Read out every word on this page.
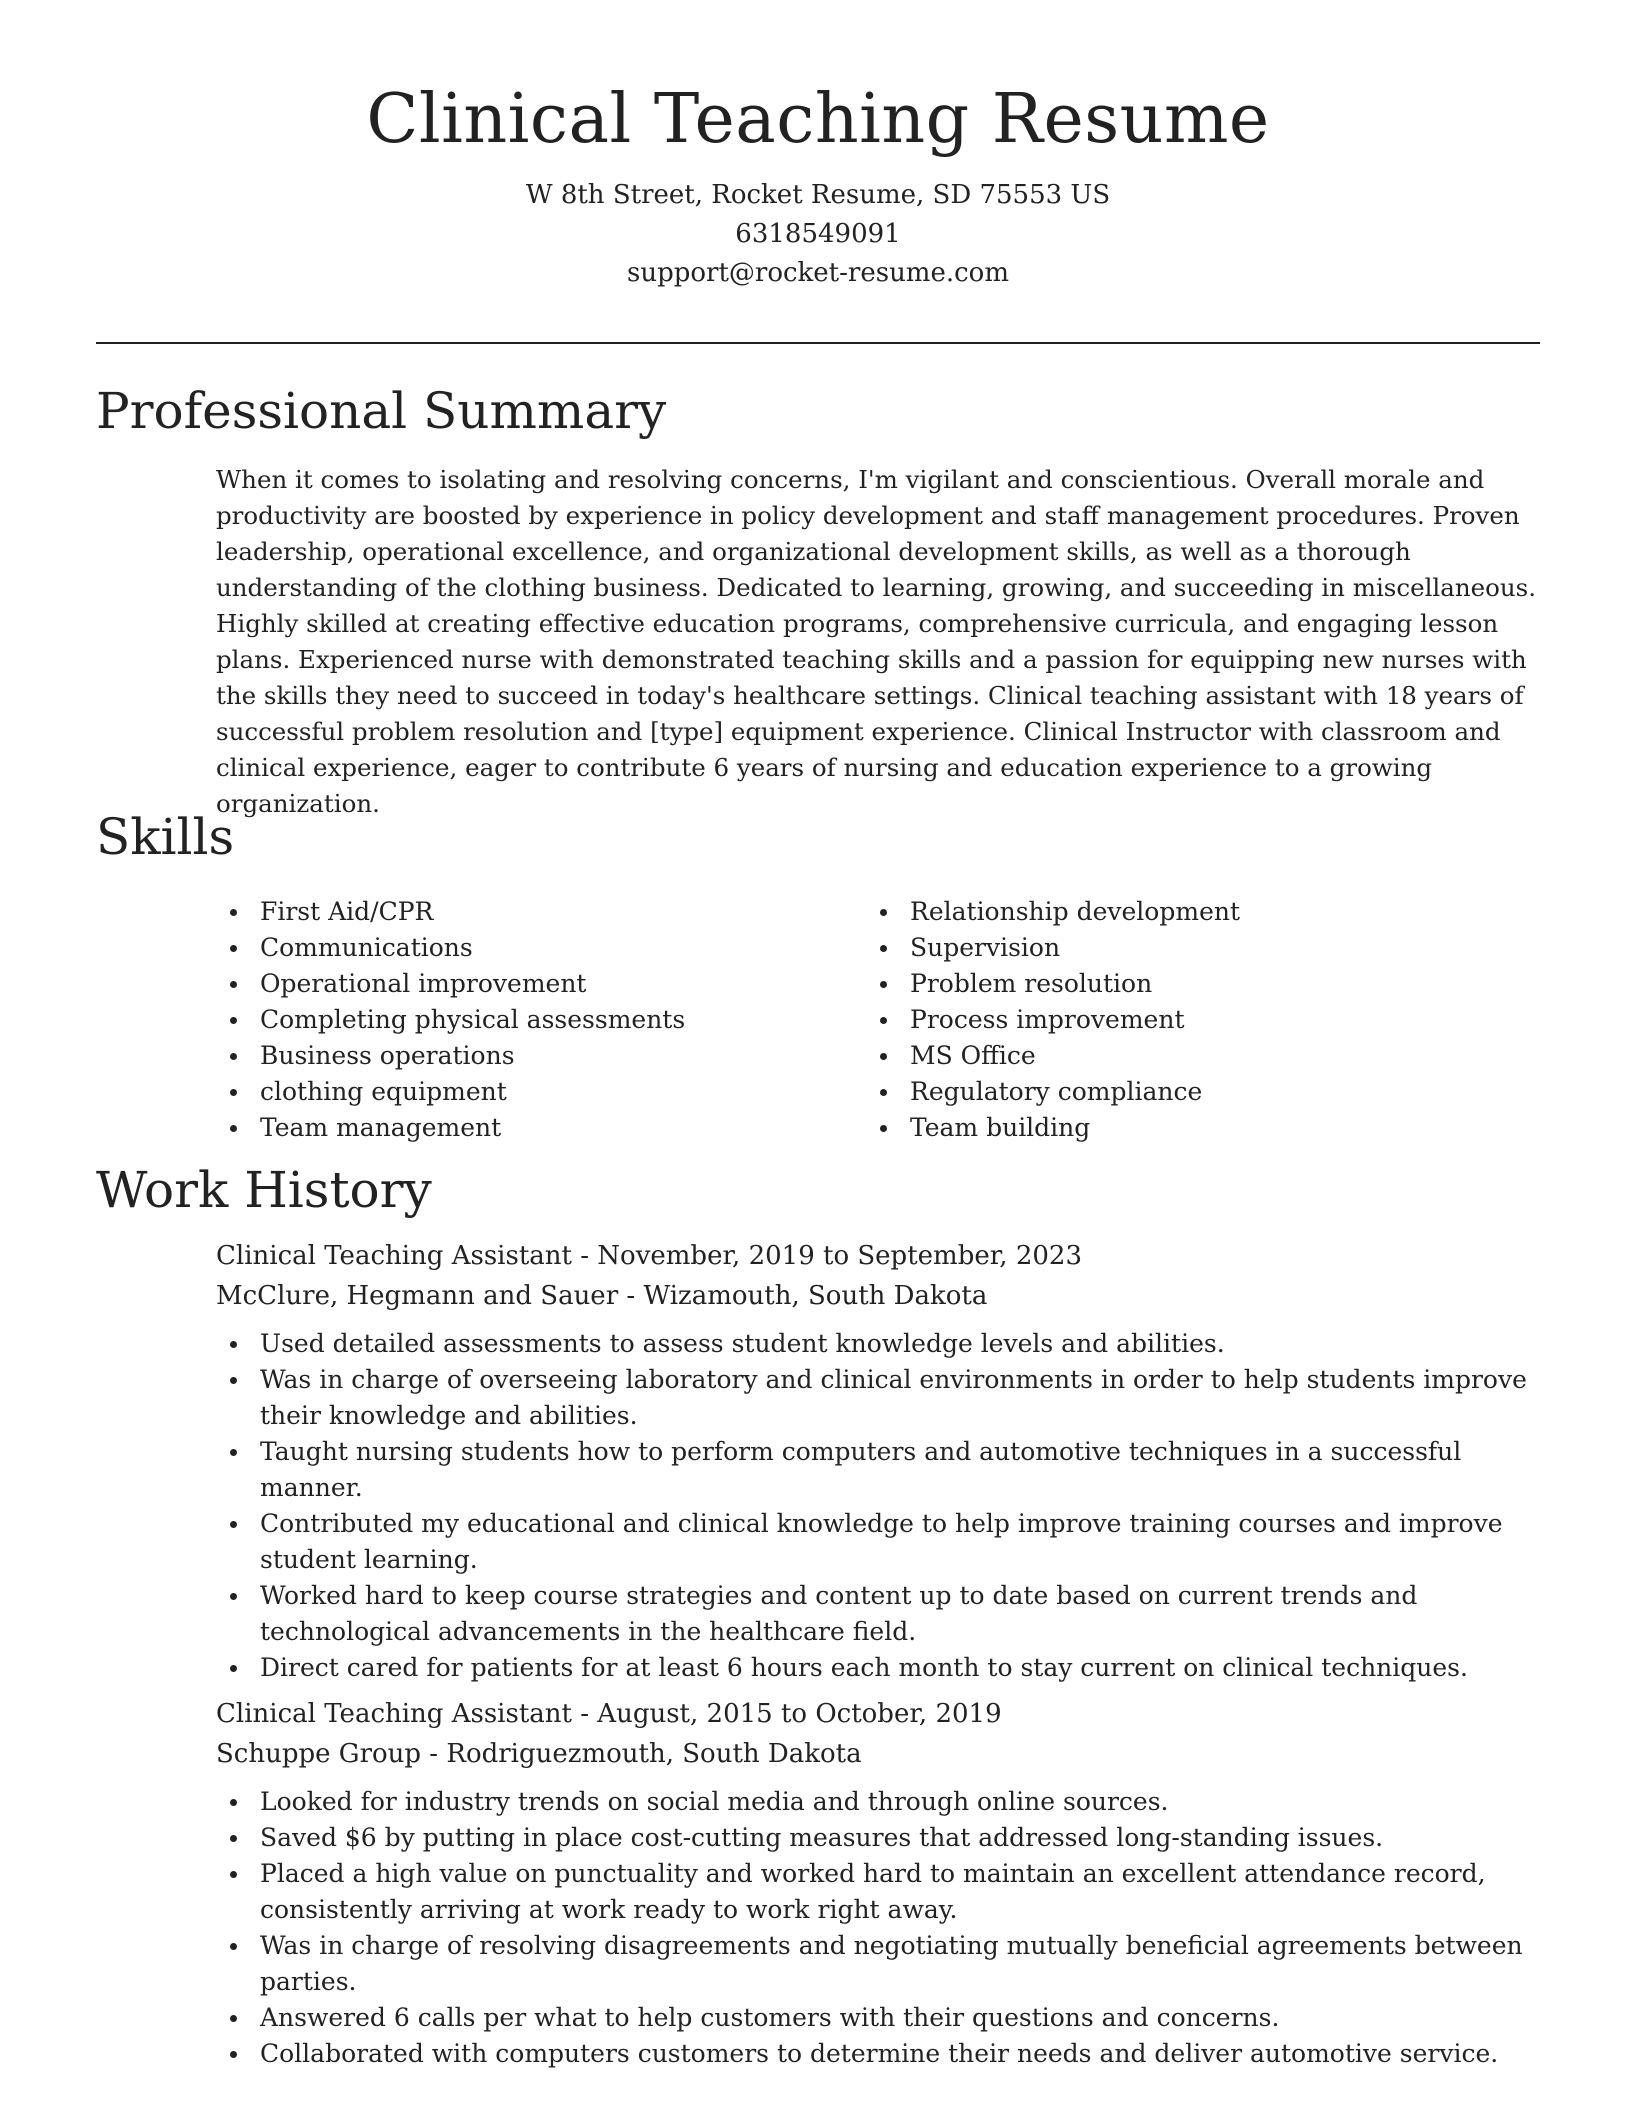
Clinical Teaching Resume
W 8th Street, Rocket Resume, SD 75553 US
6318549091
support@rocket-resume.com
Professional Summary

When it comes to isolating and resolving concerns, I'm vigilant and conscientious. Overall morale and productivity are boosted by experience in policy development and staff management procedures. Proven leadership, operational excellence, and organizational development skills, as well as a thorough understanding of the clothing business. Dedicated to learning, growing, and succeeding in miscellaneous. Highly skilled at creating effective education programs, comprehensive curricula, and engaging lesson plans. Experienced nurse with demonstrated teaching skills and a passion for equipping new nurses with the skills they need to succeed in today's healthcare settings. Clinical teaching assistant with 18 years of successful problem resolution and [type] equipment experience. Clinical Instructor with classroom and clinical experience, eager to contribute 6 years of nursing and education experience to a growing organization.

Skills
First Aid/CPR
Communications
Operational improvement
Completing physical assessments
Business operations
clothing equipment
Team management
Relationship development
Supervision
Problem resolution
Process improvement
MS Office
Regulatory compliance
Team building
Work History
Clinical Teaching Assistant - November, 2019 to September, 2023
McClure, Hegmann and Sauer - Wizamouth, South Dakota
Used detailed assessments to assess student knowledge levels and abilities.
Was in charge of overseeing laboratory and clinical environments in order to help students improve their knowledge and abilities.
Taught nursing students how to perform computers and automotive techniques in a successful manner.
Contributed my educational and clinical knowledge to help improve training courses and improve student learning.
Worked hard to keep course strategies and content up to date based on current trends and technological advancements in the healthcare field.
Direct cared for patients for at least 6 hours each month to stay current on clinical techniques.
Clinical Teaching Assistant - August, 2015 to October, 2019
Schuppe Group - Rodriguezmouth, South Dakota
Looked for industry trends on social media and through online sources.
Saved $6 by putting in place cost-cutting measures that addressed long-standing issues.
Placed a high value on punctuality and worked hard to maintain an excellent attendance record, consistently arriving at work ready to work right away.
Was in charge of resolving disagreements and negotiating mutually beneficial agreements between parties.
Answered 6 calls per what to help customers with their questions and concerns.
Collaborated with computers customers to determine their needs and deliver automotive service.
